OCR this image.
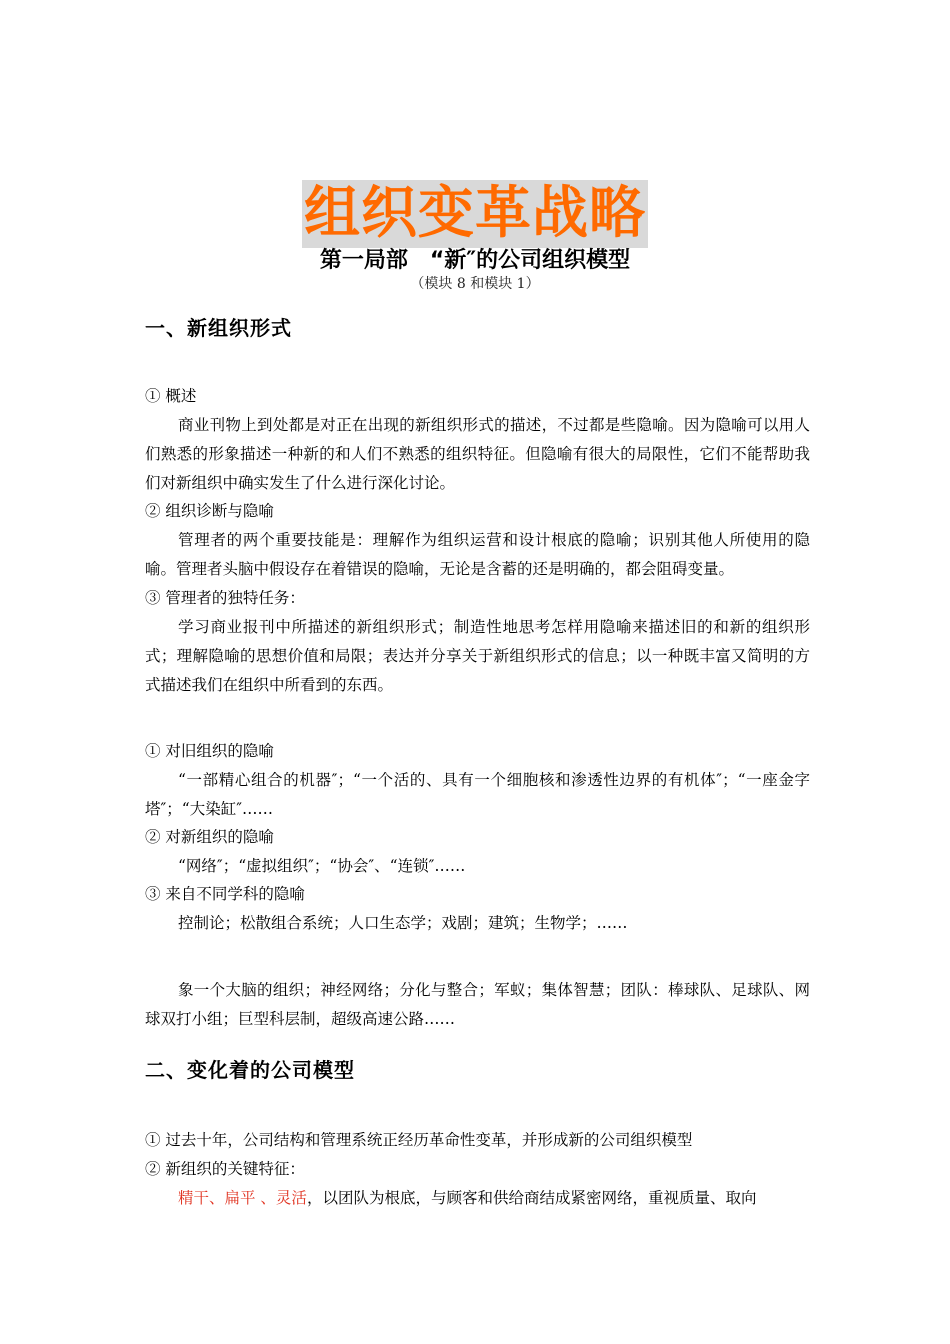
组织变革战略
第一局部　“新″的公司组织模型
（模块 8 和模块 1）
一、新组织形式
① 概述
商业刊物上到处都是对正在出现的新组织形式的描述，不过都是些隐喻。因为隐喻可以用人们熟悉的形象描述一种新的和人们不熟悉的组织特征。但隐喻有很大的局限性，它们不能帮助我们对新组织中确实发生了什么进行深化讨论。
② 组织诊断与隐喻
管理者的两个重要技能是：理解作为组织运营和设计根底的隐喻；识别其他人所使用的隐喻。管理者头脑中假设存在着错误的隐喻，无论是含蓄的还是明确的，都会阻碍变量。
③ 管理者的独特任务：
学习商业报刊中所描述的新组织形式；制造性地思考怎样用隐喻来描述旧的和新的组织形式；理解隐喻的思想价值和局限；表达并分享关于新组织形式的信息；以一种既丰富又简明的方式描述我们在组织中所看到的东西。
① 对旧组织的隐喻
“一部精心组合的机器″；“一个活的、具有一个细胞核和渗透性边界的有机体″；“一座金字塔″；“大染缸″……
② 对新组织的隐喻
“网络″；“虚拟组织″；“协会″、“连锁″……
③ 来自不同学科的隐喻
控制论；松散组合系统；人口生态学；戏剧；建筑；生物学；……
象一个大脑的组织；神经网络；分化与整合；军蚁；集体智慧；团队：棒球队、足球队、网球双打小组；巨型科层制，超级高速公路……
二、变化着的公司模型
① 过去十年，公司结构和管理系统正经历革命性变革，并形成新的公司组织模型
② 新组织的关键特征：
精干、扁平 、灵活，以团队为根底，与顾客和供给商结成紧密网络，重视质量、取向
